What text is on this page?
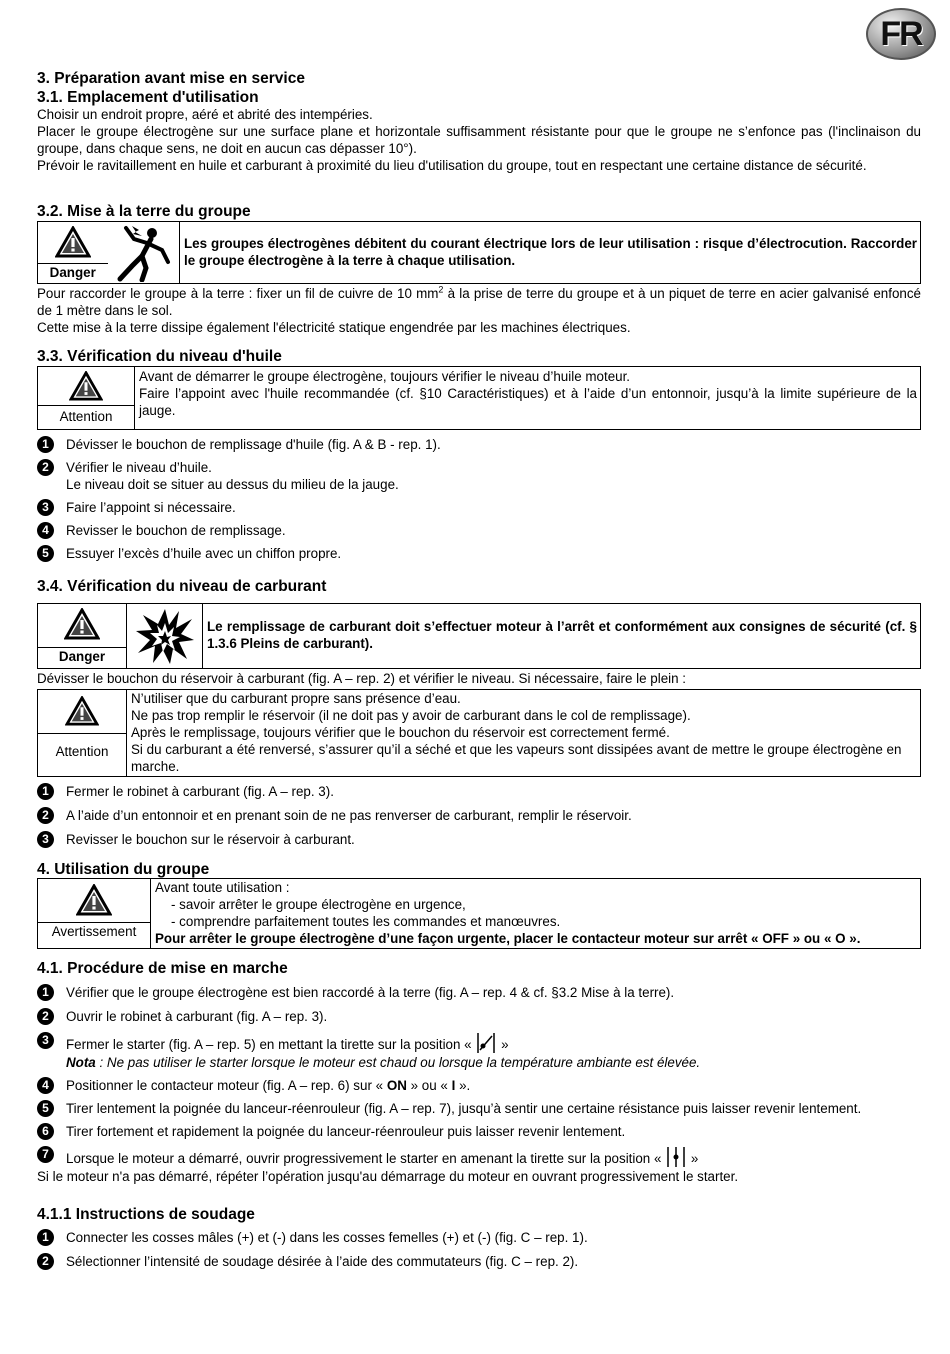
FR
3. Préparation avant mise en service
3.1. Emplacement d'utilisation

Choisir un endroit propre, aéré et abrité des intempéries.

Placer le groupe électrogène sur une surface plane et horizontale suffisamment résistante pour que le groupe ne s’enfonce pas (l'inclinaison du groupe, dans chaque sens, ne doit en aucun cas dépasser 10°).

Prévoir le ravitaillement en huile et carburant à proximité du lieu d'utilisation du groupe, tout en respectant une certaine distance de sécurité.

3.2. Mise à la terre du groupe
Danger

	Les groupes électrogènes débitent du courant électrique lors de leur utilisation : risque d’électrocution. Raccorder le groupe électrogène à la terre à chaque utilisation.

Pour raccorder le groupe à la terre : fixer un fil de cuivre de 10 $mm^2$ à la prise de terre du groupe et à un piquet de terre en acier galvanisé enfoncé de 1 mètre dans le sol.

Cette mise à la terre dissipe également l'électricité statique engendrée par les machines électriques.

3.3. Vérification du niveau d'huile
Attention

Avant de démarrer le groupe électrogène, toujours vérifier le niveau d’huile moteur.

Faire l’appoint avec l'huile recommandée (cf. §10 Caractéristiques) et à l’aide d’un entonnoir, jusqu’à la limite supérieure de la jauge.

1	Dévisser le bouchon de remplissage d'huile (fig. A & B - rep. 1).
2	Vérifier le niveau d’huile.
Le niveau doit se situer au dessus du milieu de la jauge.
3	Faire l’appoint si nécessaire.
4	Revisser le bouchon de remplissage.
5	Essuyer l’excès d’huile avec un chiffon propre.
3.4. Vérification du niveau de carburant
Danger

	Le remplissage de carburant doit s’effectuer moteur à l’arrêt et conformément aux consignes de sécurité (cf. § 1.3.6 Pleins de carburant).
Dévisser le bouchon du réservoir à carburant (fig. A – rep. 2) et vérifier le niveau. Si nécessaire, faire le plein :
Attention

N’utiliser que du carburant propre sans présence d’eau.

Ne pas trop remplir le réservoir (il ne doit pas y avoir de carburant dans le col de remplissage).

Après le remplissage, toujours vérifier que le bouchon du réservoir est correctement fermé.

Si du carburant a été renversé, s’assurer qu’il a séché et que les vapeurs sont dissipées avant de mettre le groupe électrogène en marche.

1	Fermer le robinet à carburant (fig. A – rep. 3).
2	A l’aide d’un entonnoir et en prenant soin de ne pas renverser de carburant, remplir le réservoir.
3	Revisser le bouchon sur le réservoir à carburant.
4. Utilisation du groupe
Avertissement

Avant toute utilisation :

- savoir arrêter le groupe électrogène en urgence,

- comprendre parfaitement toutes les commandes et manœuvres.

Pour arrêter le groupe électrogène d’une façon urgente, placer le contacteur moteur sur arrêt « OFF » ou « O ».

4.1. Procédure de mise en marche
1	Vérifier que le groupe électrogène est bien raccordé à la terre (fig. A – rep. 4 & cf. §3.2 Mise à la terre).
2	Ouvrir le robinet à carburant (fig. A – rep. 3).
3	Fermer le starter (fig. A – rep. 5) en mettant la tirette sur la position « »
Nota : Ne pas utiliser le starter lorsque le moteur est chaud ou lorsque la température ambiante est élevée.
4	Positionner le contacteur moteur (fig. A – rep. 6) sur « ON » ou « I ».
5	Tirer lentement la poignée du lanceur-réenrouleur (fig. A – rep. 7), jusqu’à sentir une certaine résistance puis laisser revenir lentement.
6	Tirer fortement et rapidement la poignée du lanceur-réenrouleur puis laisser revenir lentement.
7	Lorsque le moteur a démarré, ouvrir progressivement le starter en amenant la tirette sur la position « »

Si le moteur n'a pas démarré, répéter l’opération jusqu'au démarrage du moteur en ouvrant progressivement le starter.

4.1.1 Instructions de soudage
1	Connecter les cosses mâles (+) et (-) dans les cosses femelles (+) et (-) (fig. C – rep. 1).
2	Sélectionner l’intensité de soudage désirée à l’aide des commutateurs (fig. C – rep. 2).
